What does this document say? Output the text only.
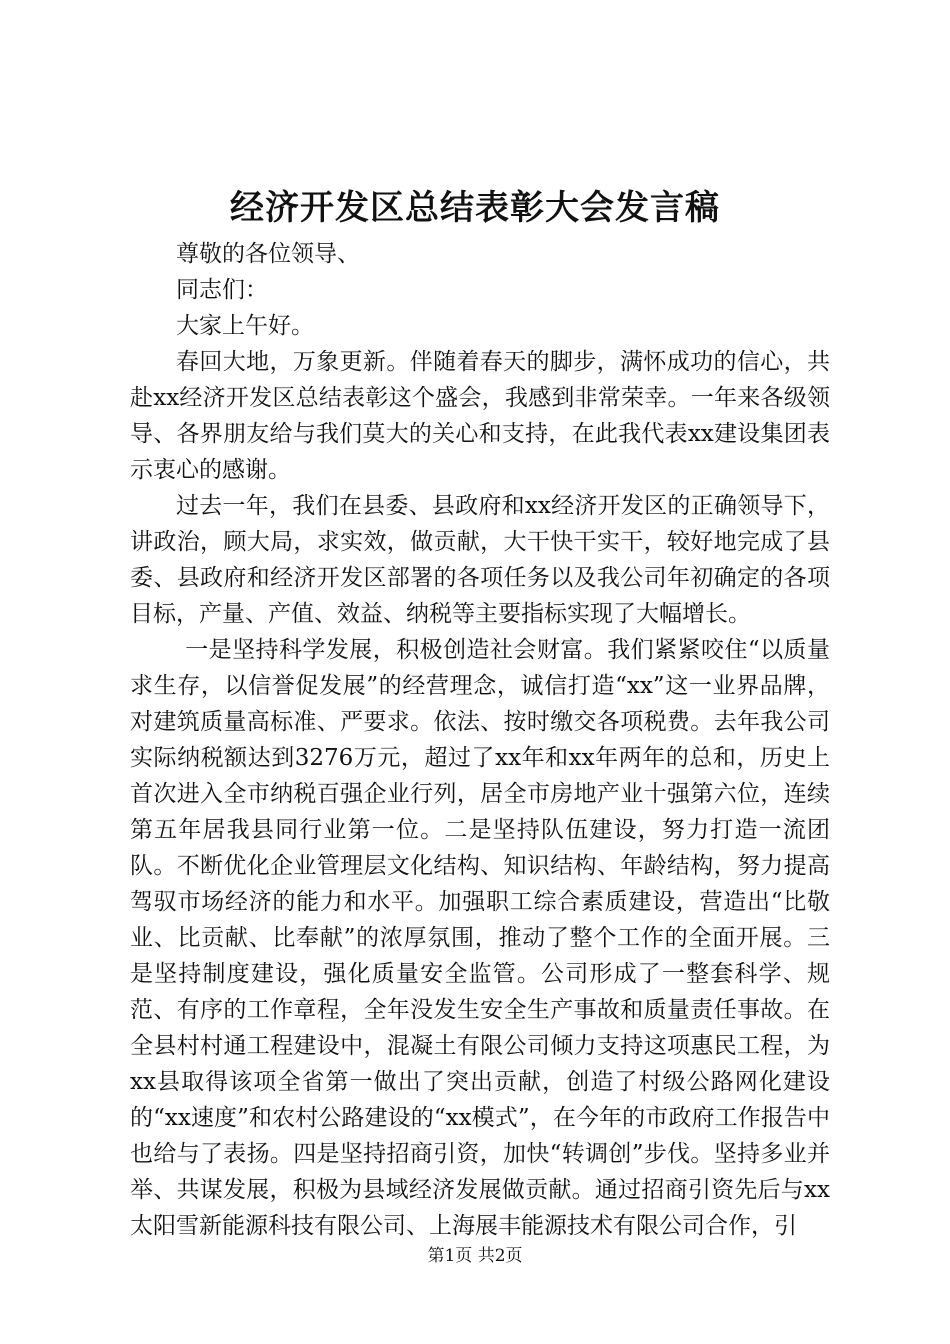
经济开发区总结表彰大会发言稿

尊敬的各位领导、

同志们：

大家上午好。

春回大地，万象更新。伴随着春天的脚步，满怀成功的信心，共赴xx经济开发区总结表彰这个盛会，我感到非常荣幸。一年来各级领导、各界朋友给与我们莫大的关心和支持，在此我代表xx建设集团表示衷心的感谢。

过去一年，我们在县委、县政府和xx经济开发区的正确领导下，讲政治，顾大局，求实效，做贡献，大干快干实干，较好地完成了县委、县政府和经济开发区部署的各项任务以及我公司年初确定的各项目标，产量、产值、效益、纳税等主要指标实现了大幅增长。

一是坚持科学发展，积极创造社会财富。我们紧紧咬住“以质量求生存，以信誉促发展”的经营理念，诚信打造“xx”这一业界品牌，对建筑质量高标准、严要求。依法、按时缴交各项税费。去年我公司实际纳税额达到3276万元，超过了xx年和xx年两年的总和，历史上首次进入全市纳税百强企业行列，居全市房地产业十强第六位，连续第五年居我县同行业第一位。二是坚持队伍建设，努力打造一流团队。不断优化企业管理层文化结构、知识结构、年龄结构，努力提高驾驭市场经济的能力和水平。加强职工综合素质建设，营造出“比敬业、比贡献、比奉献”的浓厚氛围，推动了整个工作的全面开展。三是坚持制度建设，强化质量安全监管。公司形成了一整套科学、规范、有序的工作章程，全年没发生安全生产事故和质量责任事故。在全县村村通工程建设中，混凝土有限公司倾力支持这项惠民工程，为xx县取得该项全省第一做出了突出贡献，创造了村级公路网化建设的“xx速度”和农村公路建设的“xx模式”，在今年的市政府工作报告中也给与了表扬。四是坚持招商引资，加快“转调创”步伐。坚持多业并举、共谋发展，积极为县域经济发展做贡献。通过招商引资先后与xx太阳雪新能源科技有限公司、上海展丰能源技术有限公司合作，引

第1页 共2页
